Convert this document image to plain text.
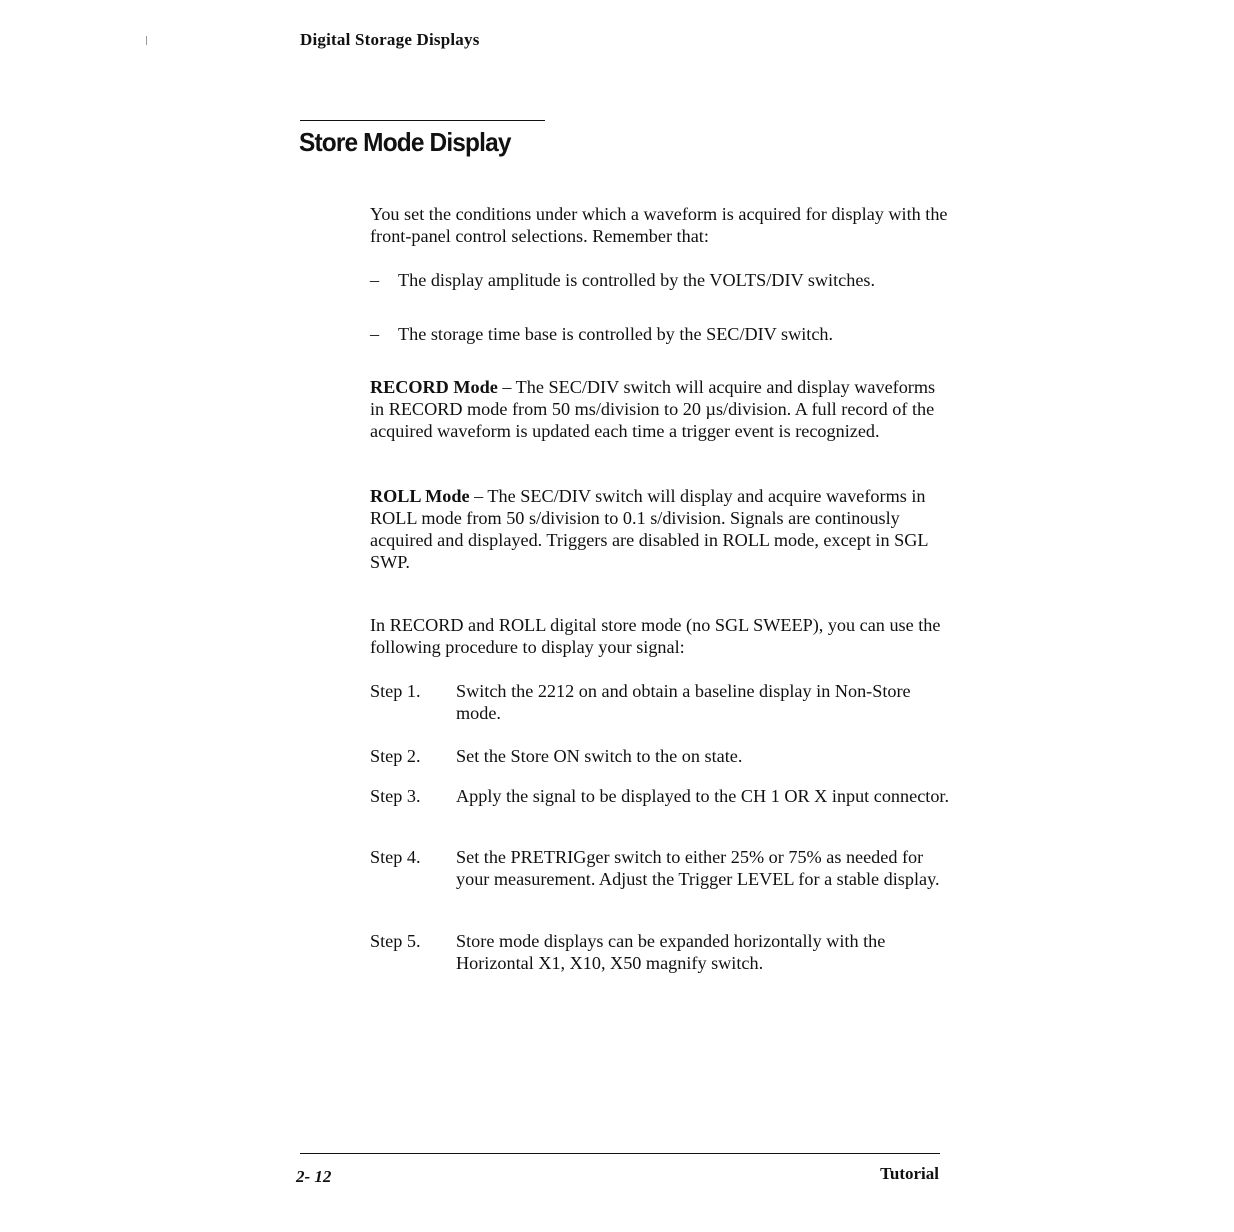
Digital Storage Displays
Store Mode Display

You set the conditions under which a waveform is acquired for display with the front-panel control selections. Remember that:

– The display amplitude is controlled by the VOLTS/DIV switches.
– The storage time base is controlled by the SEC/DIV switch.

RECORD Mode – The SEC/DIV switch will acquire and display waveforms in RECORD mode from 50 ms/division to 20 µs/division. A full record of the acquired waveform is updated each time a trigger event is recognized.

ROLL Mode – The SEC/DIV switch will display and acquire waveforms in ROLL mode from 50 s/division to 0.1 s/division. Signals are continously acquired and displayed. Triggers are disabled in ROLL mode, except in SGL SWP.

In RECORD and ROLL digital store mode (no SGL SWEEP), you can use the following procedure to display your signal:

Step 1. Switch the 2212 on and obtain a baseline display in Non-Store mode.
Step 2. Set the Store ON switch to the on state.
Step 3. Apply the signal to be displayed to the CH 1 OR X input connector.
Step 4. Set the PRETRIGger switch to either 25% or 75% as needed for your measurement. Adjust the Trigger LEVEL for a stable display.
Step 5. Store mode displays can be expanded horizontally with the Horizontal X1, X10, X50 magnify switch.
2- 12	Tutorial
